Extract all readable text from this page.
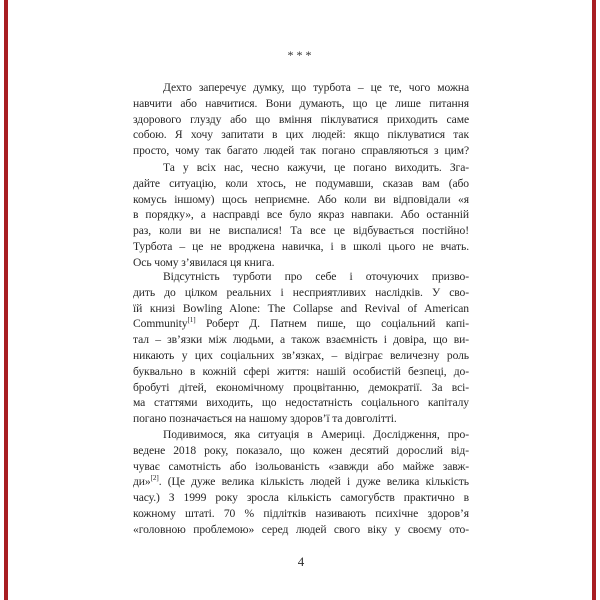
***
Дехто заперечує думку, що турбота – це те, чого можна
навчити або навчитися. Вони думають, що це лише питання
здорового глузду або що вміння піклуватися приходить саме
собою. Я хочу запитати в цих людей: якщо піклуватися так
просто, чому так багато людей так погано справляються з цим?
Та у всіх нас, чесно кажучи, це погано виходить. Зга-
дайте ситуацію, коли хтось, не подумавши, сказав вам (або
комусь іншому) щось неприємне. Або коли ви відповідали «я
в порядку», а насправді все було якраз навпаки. Або останній
раз, коли ви не виспалися! Та все це відбувається постійно!
Турбота – це не вроджена навичка, і в школі цього не вчать.
Ось чому з’явилася ця книга.
Відсутність турботи про себе і оточуючих призво-
дить до цілком реальних і несприятливих наслідків. У сво-
їй книзі Bowling Alone: The Collapse and Revival of American
Community[1] Роберт Д. Патнем пише, що соціальний капі-
тал – зв’язки між людьми, а також взаємність і довіра, що ви-
никають у цих соціальних зв’язках, – відіграє величезну роль
буквально в кожній сфері життя: нашій особистій безпеці, до-
бробуті дітей, економічному процвітанню, демократії. За всі-
ма статтями виходить, що недостатність соціального капіталу
погано позначається на нашому здоров’ї та довголітті.
Подивимося, яка ситуація в Америці. Дослідження, про-
ведене 2018 року, показало, що кожен десятий дорослий від-
чуває самотність або ізольованість «завжди або майже завж-
ди»[2]. (Це дуже велика кількість людей і дуже велика кількість
часу.) З 1999 року зросла кількість самогубств практично в
кожному штаті. 70 % підлітків називають психічне здоров’я
«головною проблемою» серед людей свого віку у своєму ото-
4
